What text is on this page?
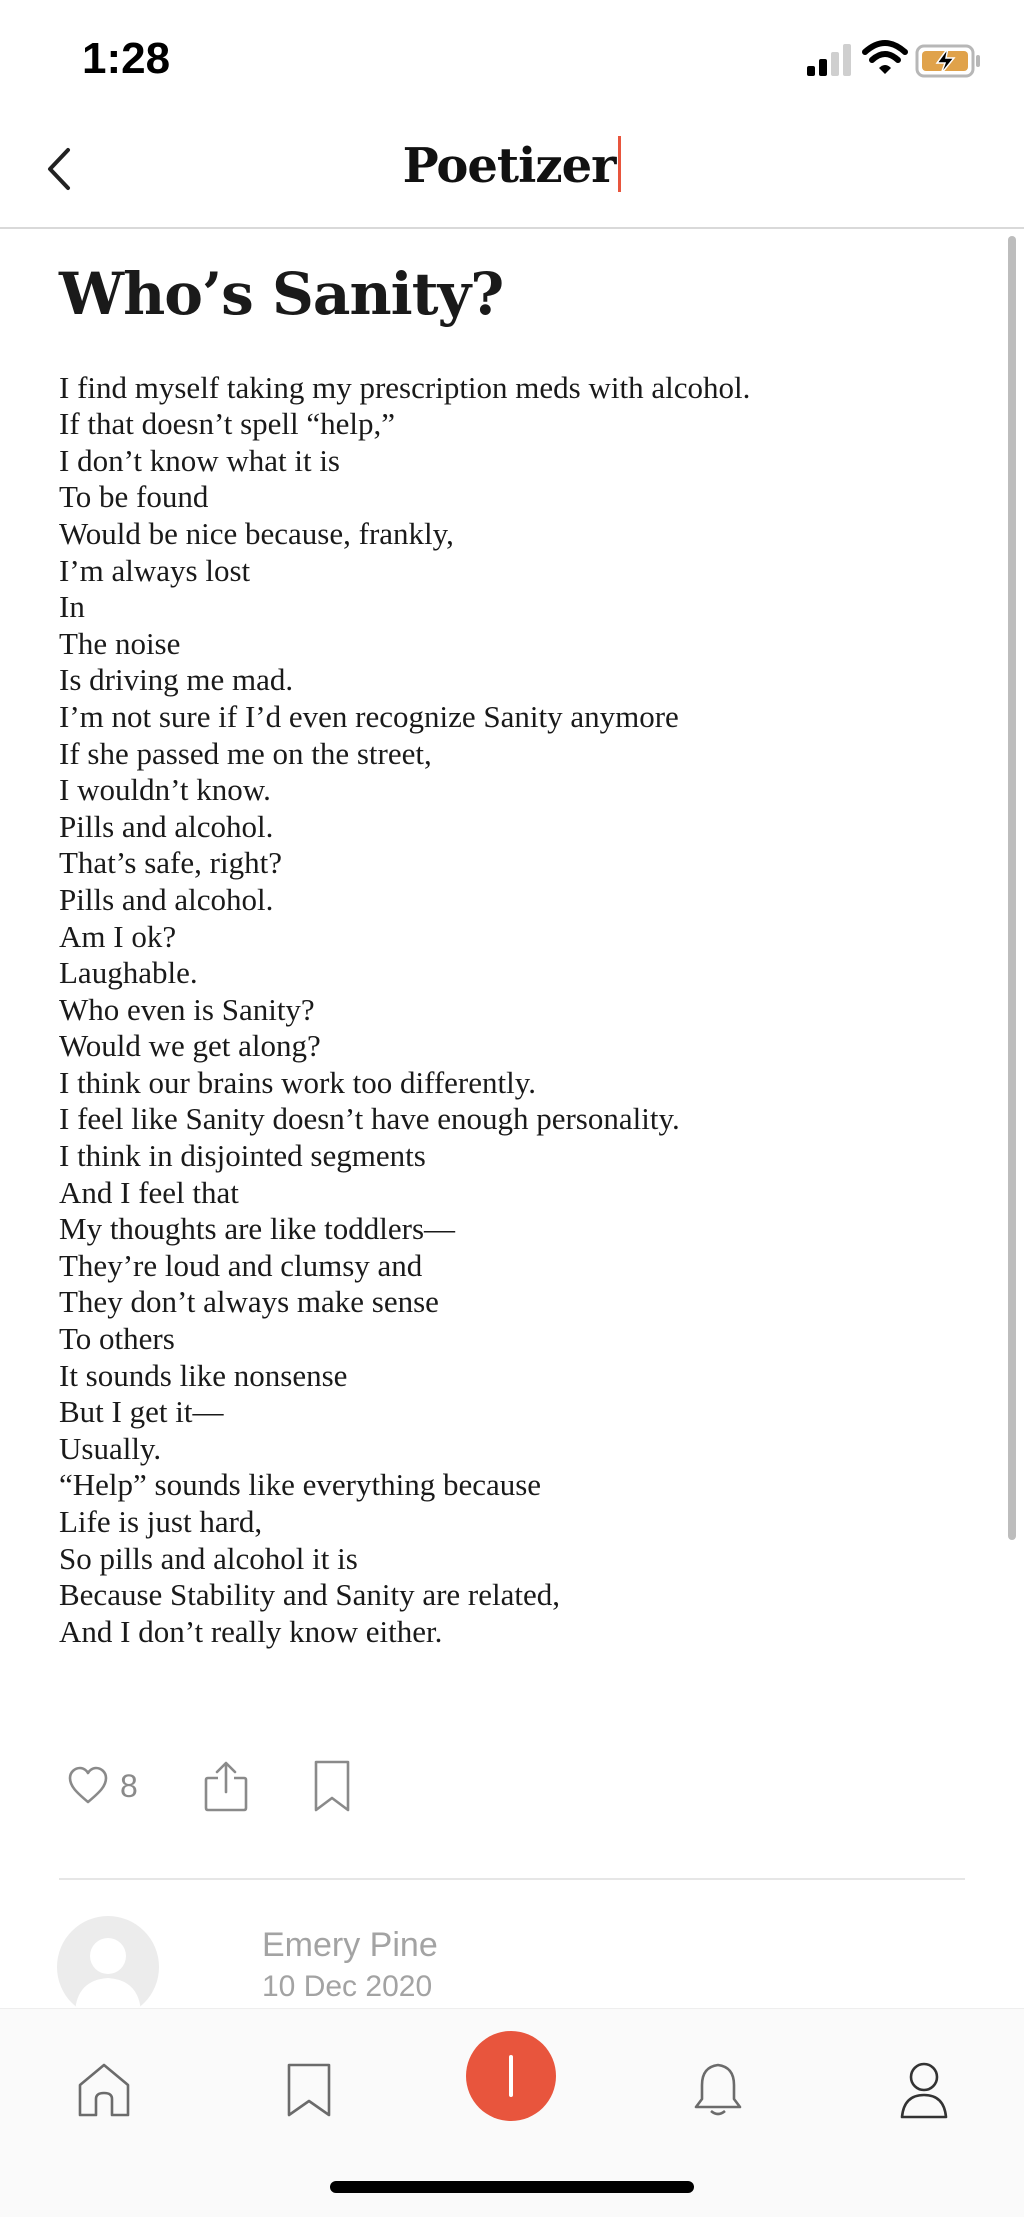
1:28
Poetizer
Who’s Sanity?
I find myself taking my prescription meds with alcohol.
If that doesn’t spell “help,”
I don’t know what it is
To be found
Would be nice because, frankly,
I’m always lost
In
The noise
Is driving me mad.
I’m not sure if I’d even recognize Sanity anymore
If she passed me on the street,
I wouldn’t know.
Pills and alcohol.
That’s safe, right?
Pills and alcohol.
Am I ok?
Laughable.
Who even is Sanity?
Would we get along?
I think our brains work too differently.
I feel like Sanity doesn’t have enough personality.
I think in disjointed segments
And I feel that
My thoughts are like toddlers—
They’re loud and clumsy and
They don’t always make sense
To others
It sounds like nonsense
But I get it—
Usually.
“Help” sounds like everything because
Life is just hard,
So pills and alcohol it is
Because Stability and Sanity are related,
And I don’t really know either.
8
Emery Pine
10 Dec 2020
